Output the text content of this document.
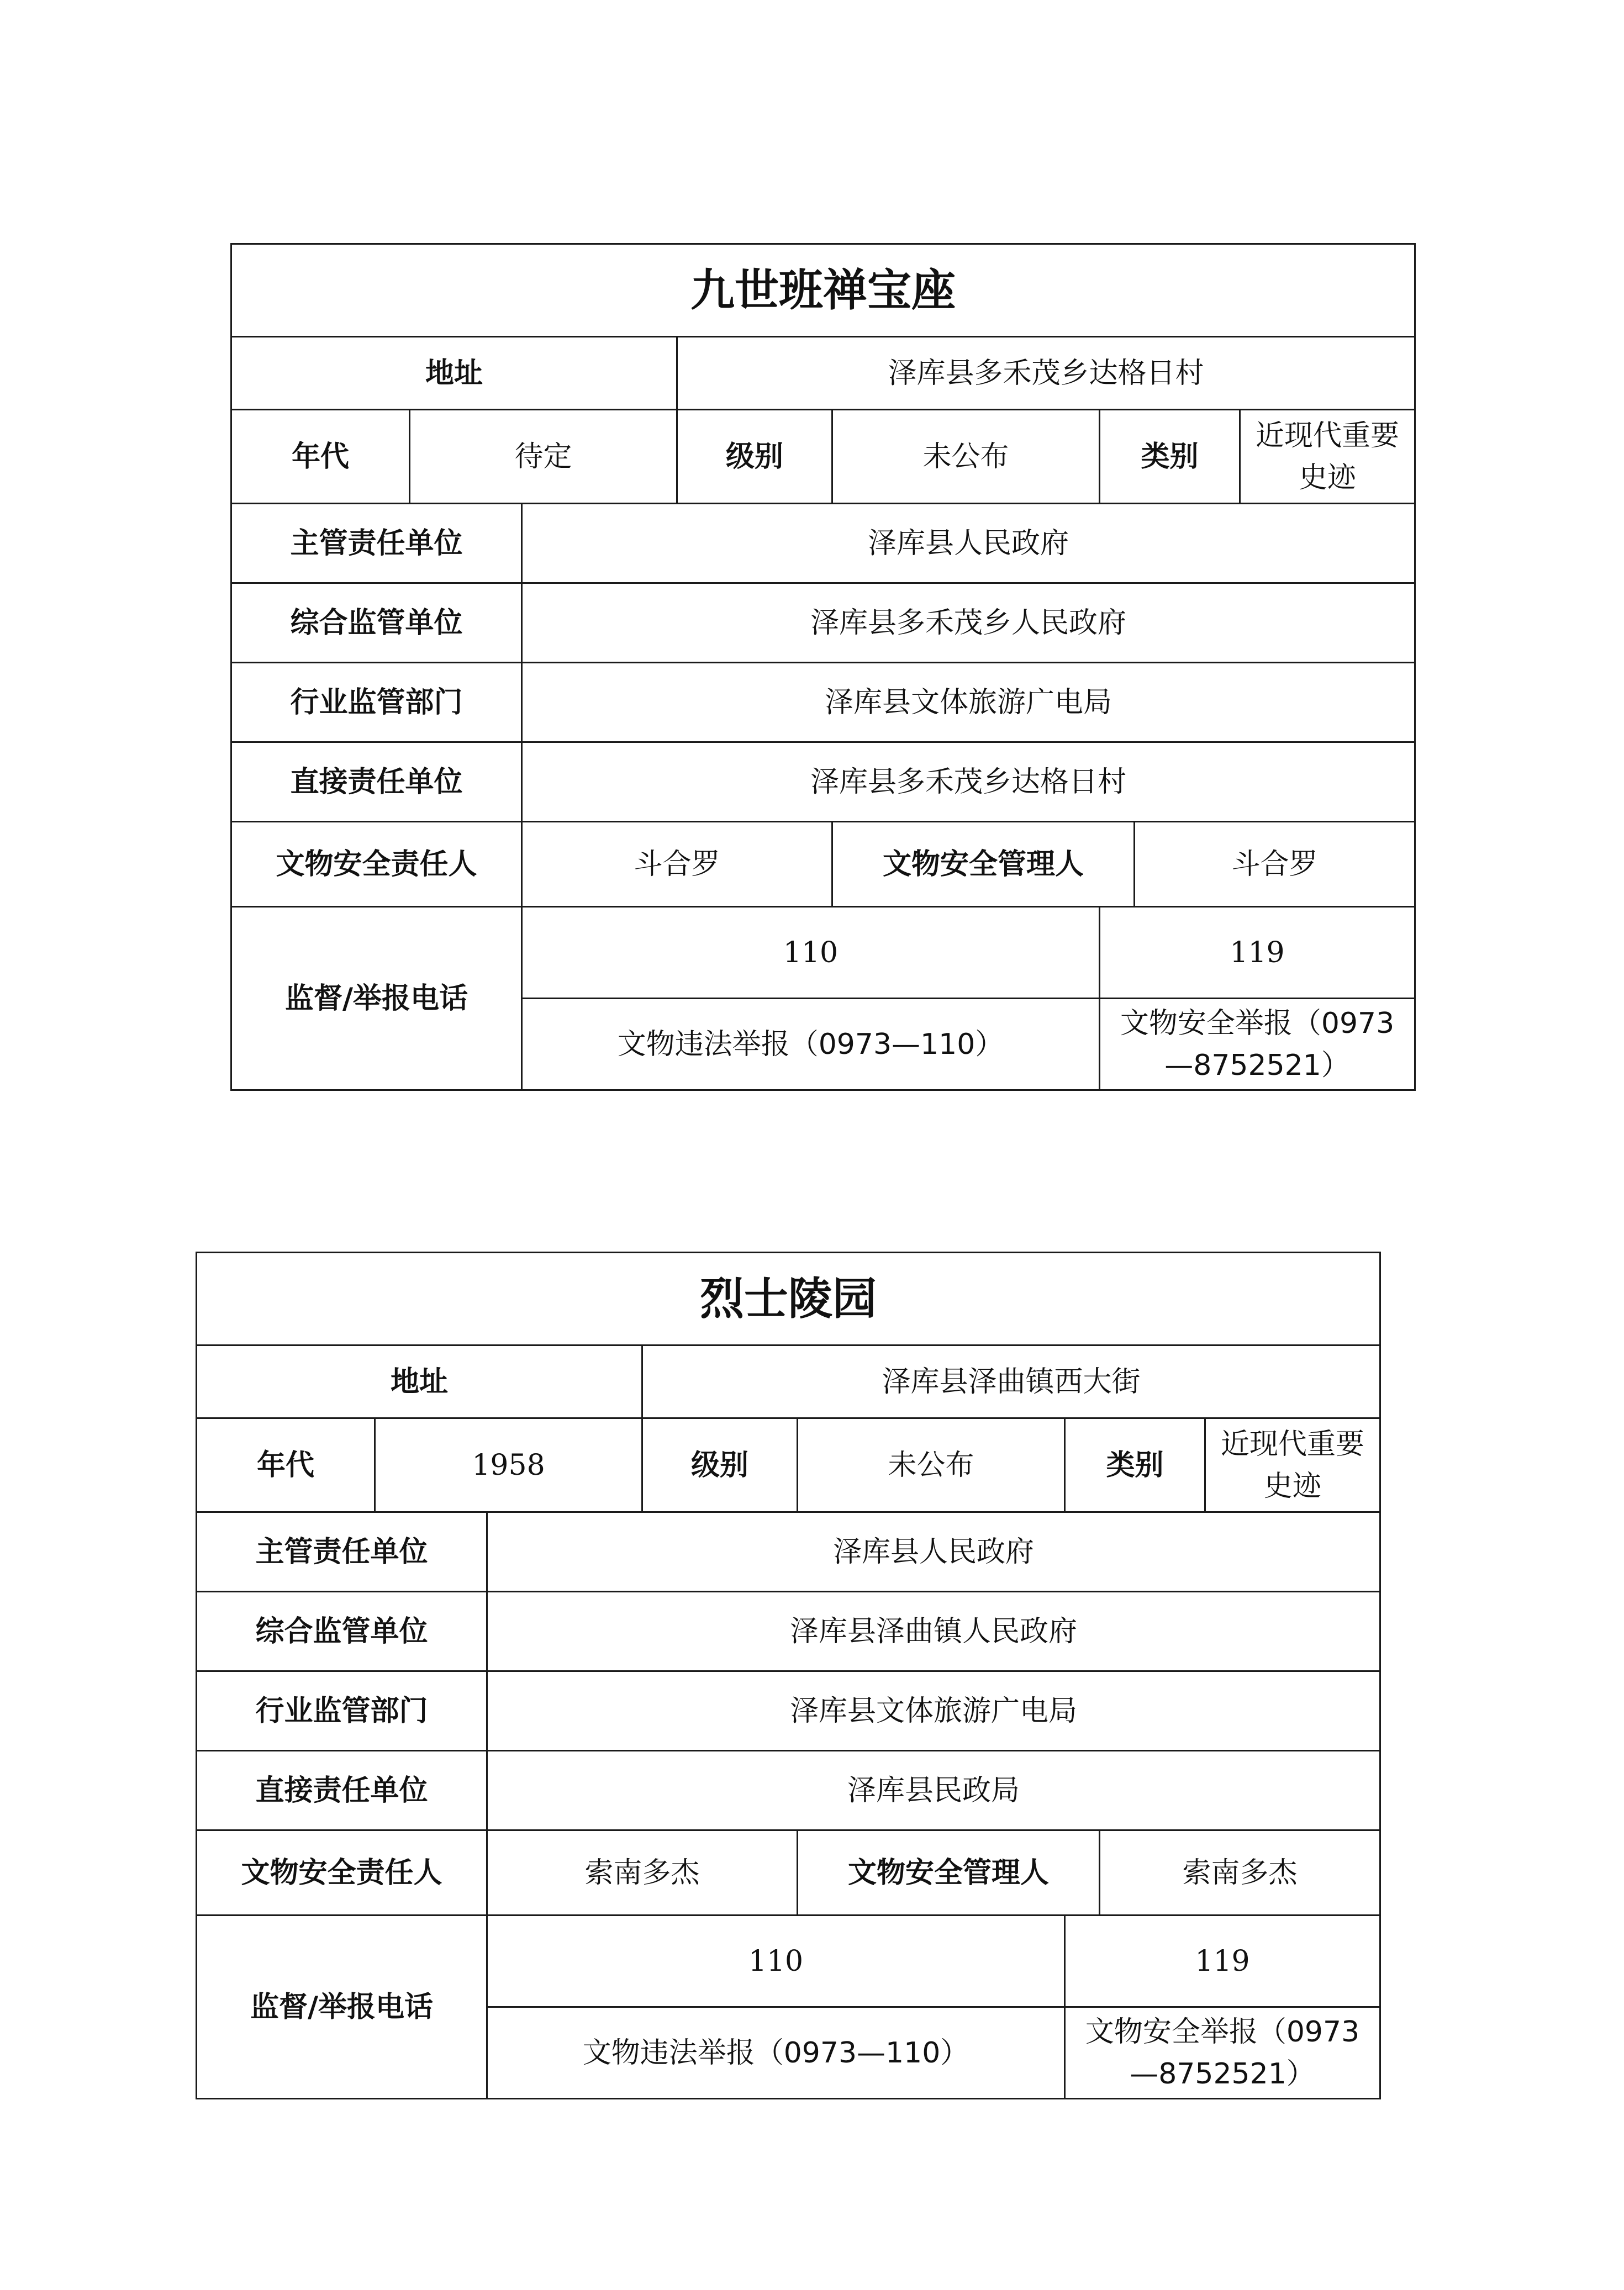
九世班禅宝座							
地址			泽库县多禾茂乡达格日村				
年代	待定		级别	未公布	类别		近现代重要史迹
主管责任单位		泽库县人民政府					
综合监管单位		泽库县多禾茂乡人民政府					
行业监管部门		泽库县文体旅游广电局					
直接责任单位		泽库县多禾茂乡达格日村					
文物安全责任人		斗合罗		文物安全管理人		斗合罗	
监督/举报电话		110			119		
		文物违法举报（0973—110）			文物安全举报（0973—8752521）		
烈士陵园							
地址			泽库县泽曲镇西大街				
年代	1958		级别	未公布	类别		近现代重要史迹
主管责任单位		泽库县人民政府					
综合监管单位		泽库县泽曲镇人民政府					
行业监管部门		泽库县文体旅游广电局					
直接责任单位		泽库县民政局					
文物安全责任人		索南多杰		文物安全管理人		索南多杰	
监督/举报电话		110			119		
		文物违法举报（0973—110）			文物安全举报（0973—8752521）		
